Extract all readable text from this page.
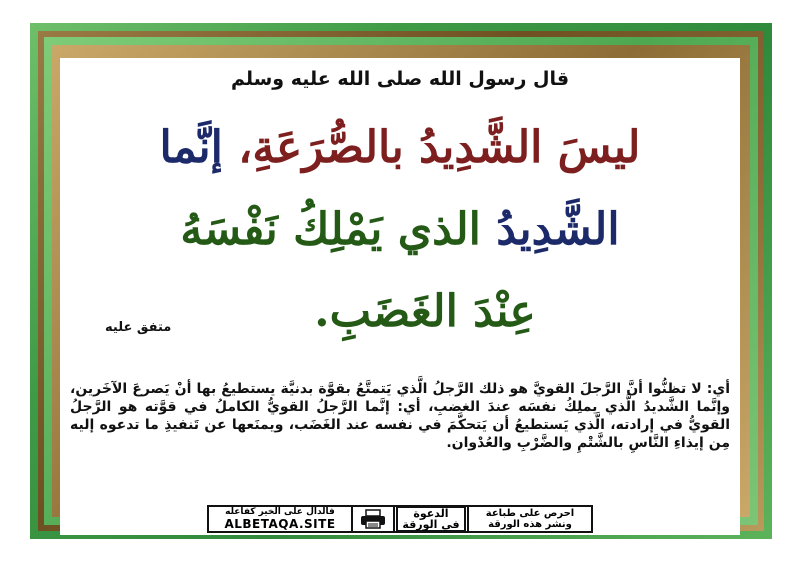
قال رسول الله صلى الله عليه وسلم
ليسَ الشَّدِيدُ بالصُّرَعَةِ، إنَّما
الشَّدِيدُ الذي يَمْلِكُ نَفْسَهُ
عِنْدَ الغَضَبِ.
متفق عليه
أي: لا تظنُّوا أنَّ الرَّجلَ القويَّ هو ذلك الرَّجلُ الَّذي يَتمتَّعُ بقوَّة بدنيَّة يستطيعُ بها أنْ يَصرعَ الآخَرين، وإنَّما الشَّديدُ الَّذي يملِكُ نفسَه عندَ الغضبِ، أي: إنَّما الرَّجلُ القويُّ الكاملُ في قوَّته هو الرَّجلُ القويُّ في إرادته، الَّذي يَستطيعُ أن يَتحكَّمَ في نفسه عند الغَضَب، ويمنَعها عن تَنفيذِ ما تدعوه إليه مِن إيذاءِ النَّاسِ بالشَّتْمِ والضَّرْبِ والعُدْوان.
فالدال على الخير كفاعله
ALBETAQA.SITE
الدعوة
في الورقة
احرص على طباعة
ونشر هذه الورقة
